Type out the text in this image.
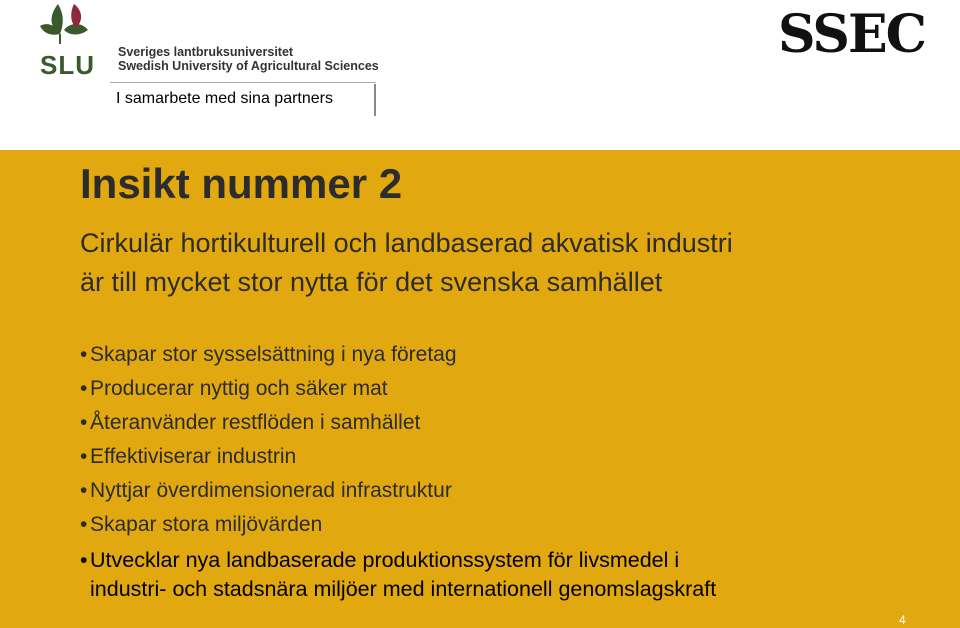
SLU Sveriges lantbruksuniversitet

Swedish University of Agricultural Sciences

I samarbete med sina partners
SSEC
Insikt nummer 2
Cirkulär hortikulturell och landbaserad akvatisk industri
är till mycket stor nytta för det svenska samhället
• Skapar stor sysselsättning i nya företag
• Producerar nyttig och säker mat
• Återanvänder restflöden i samhället
• Effektiviserar industrin
• Nyttjar överdimensionerad infrastruktur
• Skapar stora miljövärden
• Utvecklar nya landbaserade produktionssystem för livsmedel i
industri- och stadsnära miljöer med internationell genomslagskraft
4
